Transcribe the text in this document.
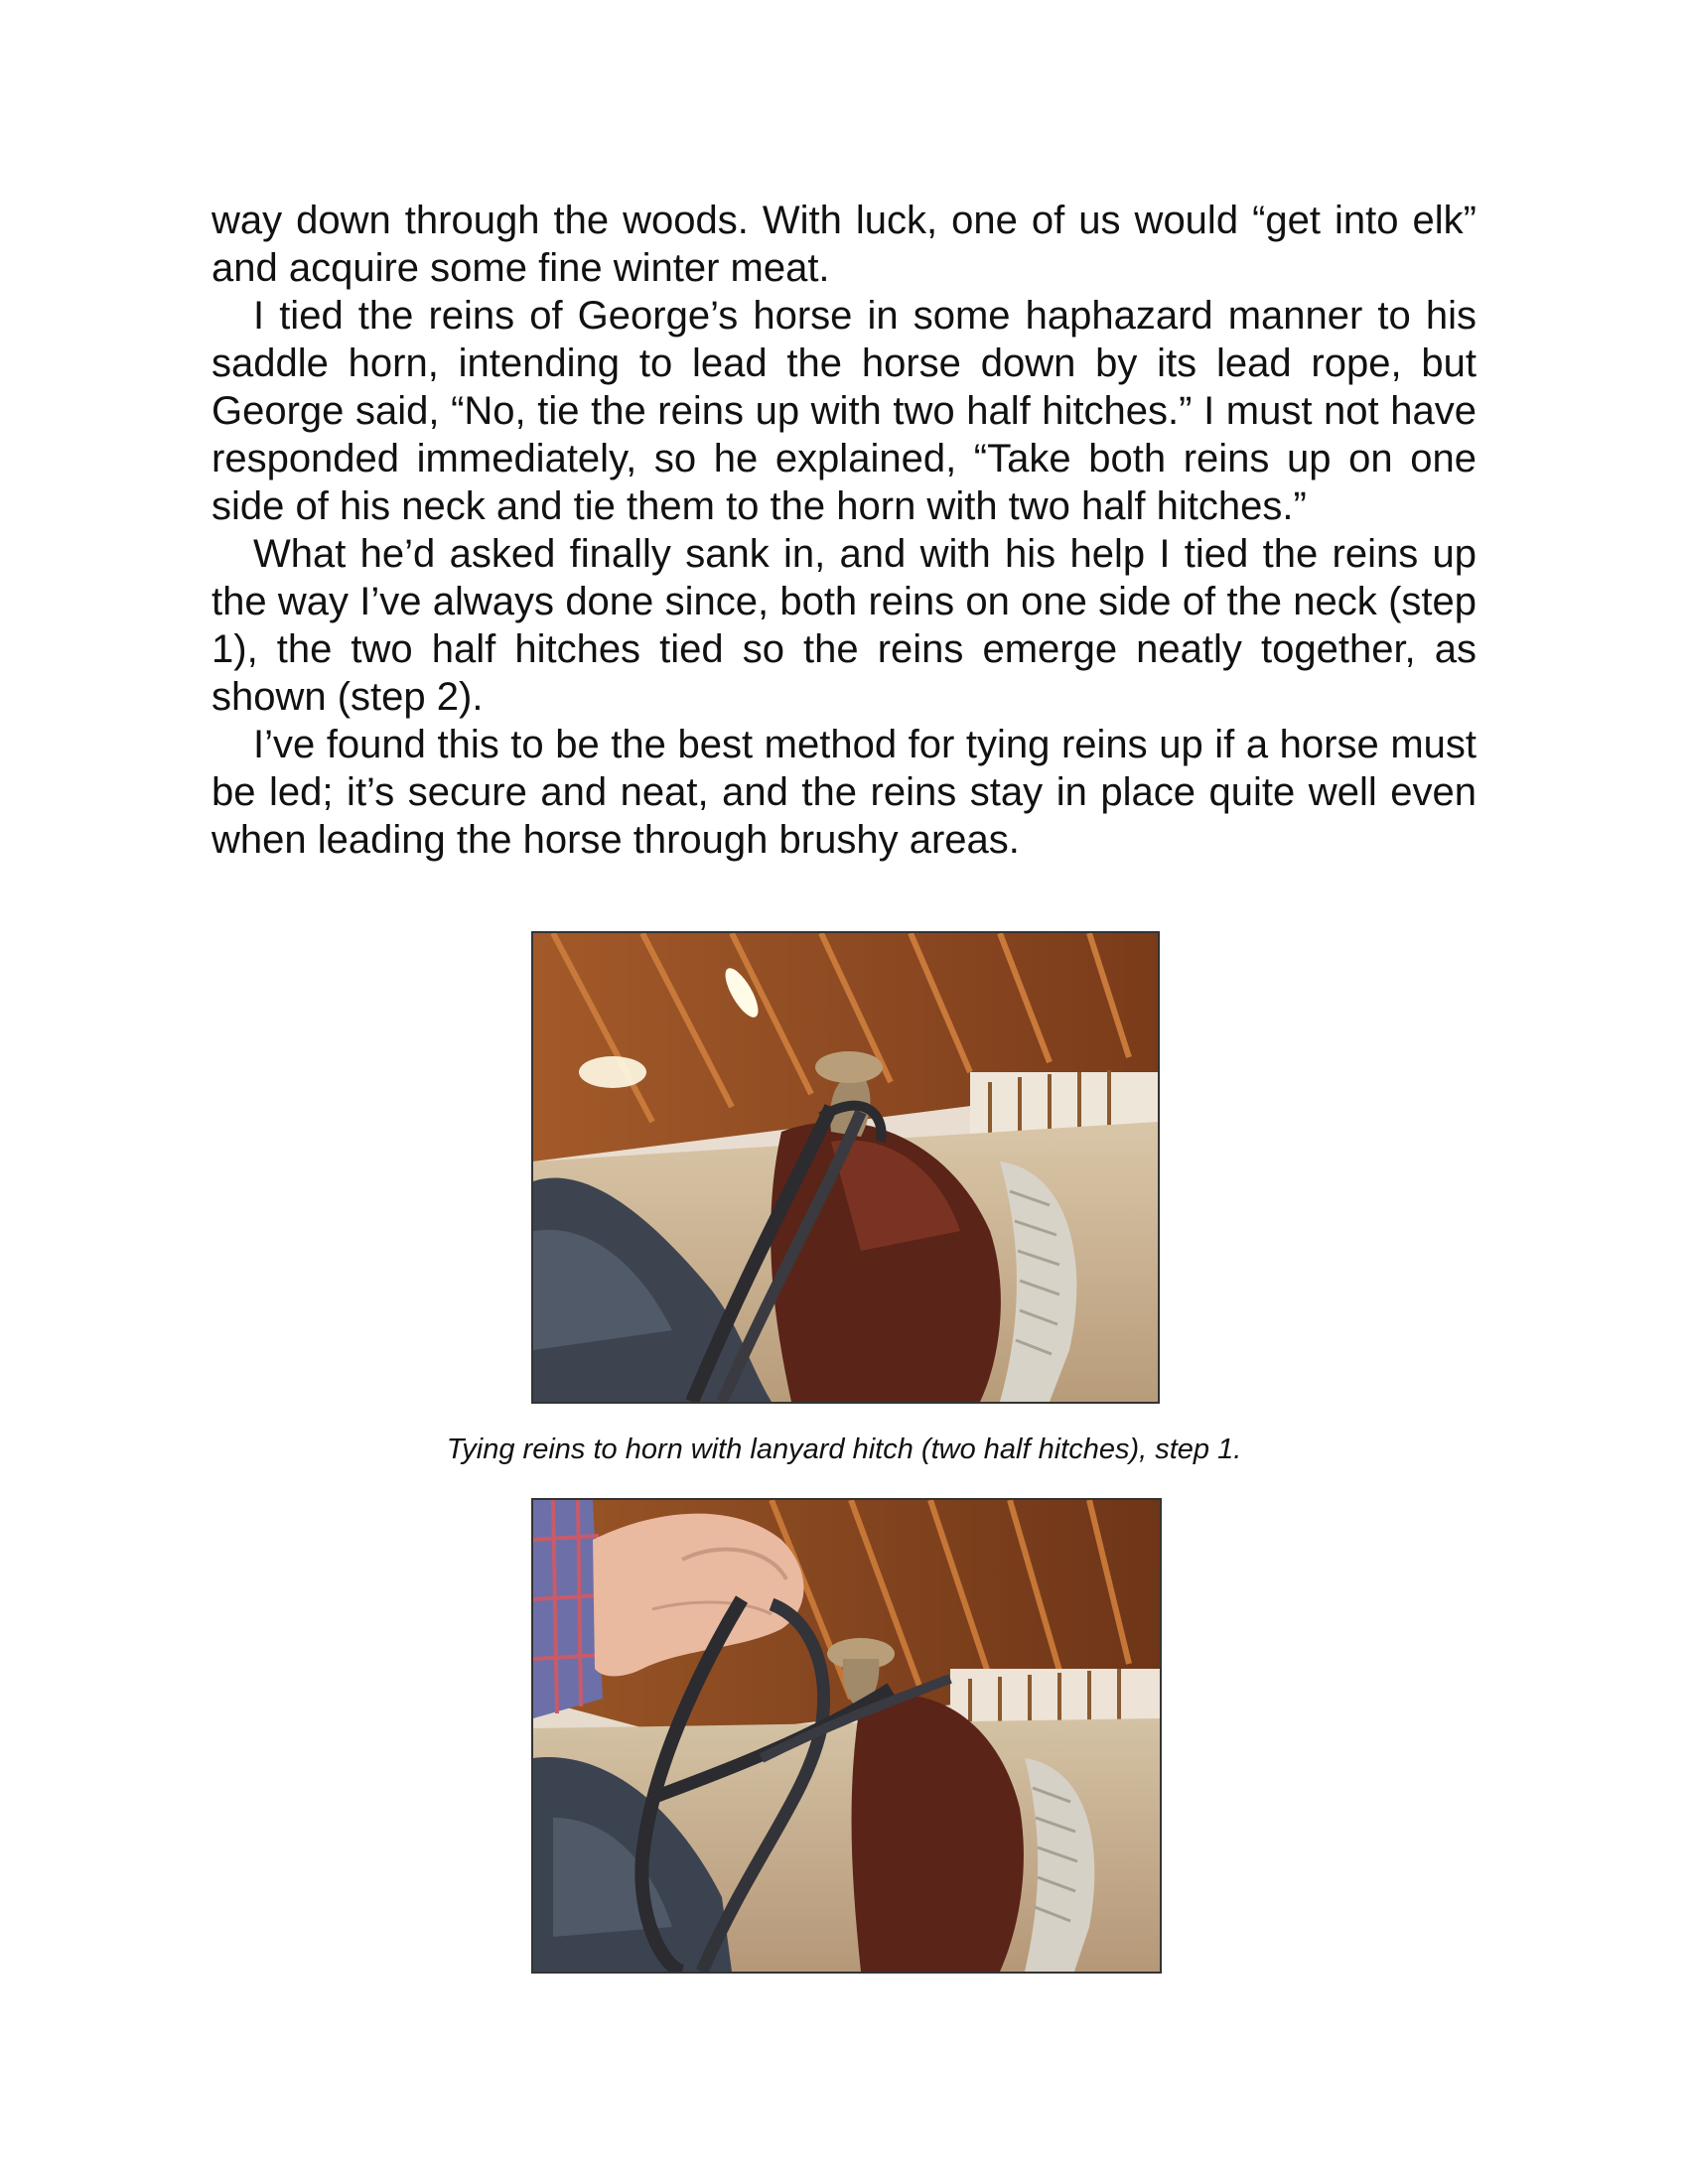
way down through the woods. With luck, one of us would “get into elk” and acquire some fine winter meat.

I tied the reins of George’s horse in some haphazard manner to his saddle horn, intending to lead the horse down by its lead rope, but George said, “No, tie the reins up with two half hitches.” I must not have responded immediately, so he explained, “Take both reins up on one side of his neck and tie them to the horn with two half hitches.”

What he’d asked finally sank in, and with his help I tied the reins up the way I’ve always done since, both reins on one side of the neck (step 1), the two half hitches tied so the reins emerge neatly together, as shown (step 2).

I’ve found this to be the best method for tying reins up if a horse must be led; it’s secure and neat, and the reins stay in place quite well even when leading the horse through brushy areas.

Tying reins to horn with lanyard hitch (two half hitches), step 1.
